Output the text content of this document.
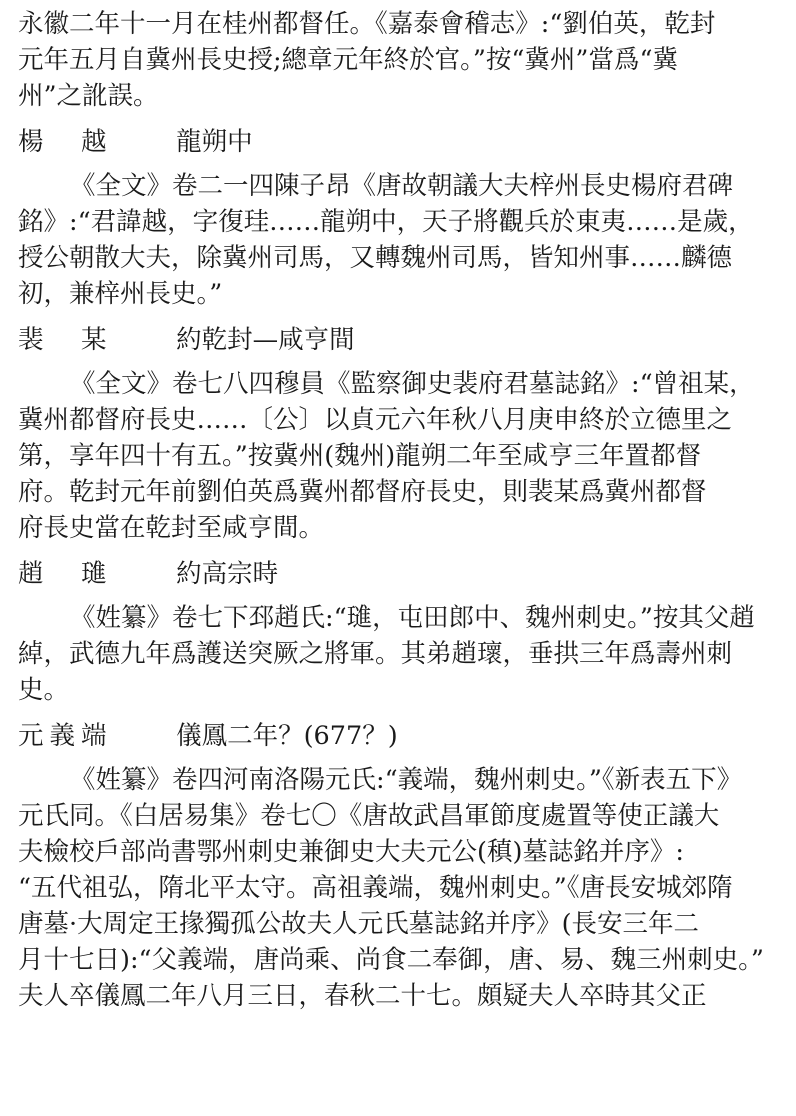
永徽二年十一月在桂州都督任。《嘉泰會稽志》:“劉伯英，乾封
元年五月自冀州長史授;總章元年終於官。”按“冀州”當爲“冀
州”之訛誤。
楊　越 龍朔中
《全文》卷二一四陳子昂《唐故朝議大夫梓州長史楊府君碑
銘》:“君諱越，字復珪……龍朔中，天子將觀兵於東夷……是歲，
授公朝散大夫，除冀州司馬，又轉魏州司馬，皆知州事……麟德
初，兼梓州長史。”
裴　某 約乾封—咸亨間
《全文》卷七八四穆員《監察御史裴府君墓誌銘》:“曾祖某，
冀州都督府長史……〔公〕以貞元六年秋八月庚申終於立德里之
第，享年四十有五。”按冀州(魏州)龍朔二年至咸亨三年置都督
府。乾封元年前劉伯英爲冀州都督府長史，則裴某爲冀州都督
府長史當在乾封至咸亨間。
趙　璡 約高宗時
《姓纂》卷七下邳趙氏:“璡，屯田郎中、魏州刺史。”按其父趙
綽，武德九年爲護送突厥之將軍。其弟趙瓌，垂拱三年爲壽州刺
史。
元義端 儀鳳二年？(677？)
《姓纂》卷四河南洛陽元氏:“義端，魏州刺史。”《新表五下》
元氏同。《白居易集》卷七〇《唐故武昌軍節度處置等使正議大
夫檢校戶部尚書鄂州刺史兼御史大夫元公(稹)墓誌銘并序》:
“五代祖弘，隋北平太守。高祖義端，魏州刺史。”《唐長安城郊隋
唐墓·大周定王掾獨孤公故夫人元氏墓誌銘并序》(長安三年二
月十七日):“父義端，唐尚乘、尚食二奉御，唐、易、魏三州刺史。”
夫人卒儀鳳二年八月三日，春秋二十七。頗疑夫人卒時其父正
